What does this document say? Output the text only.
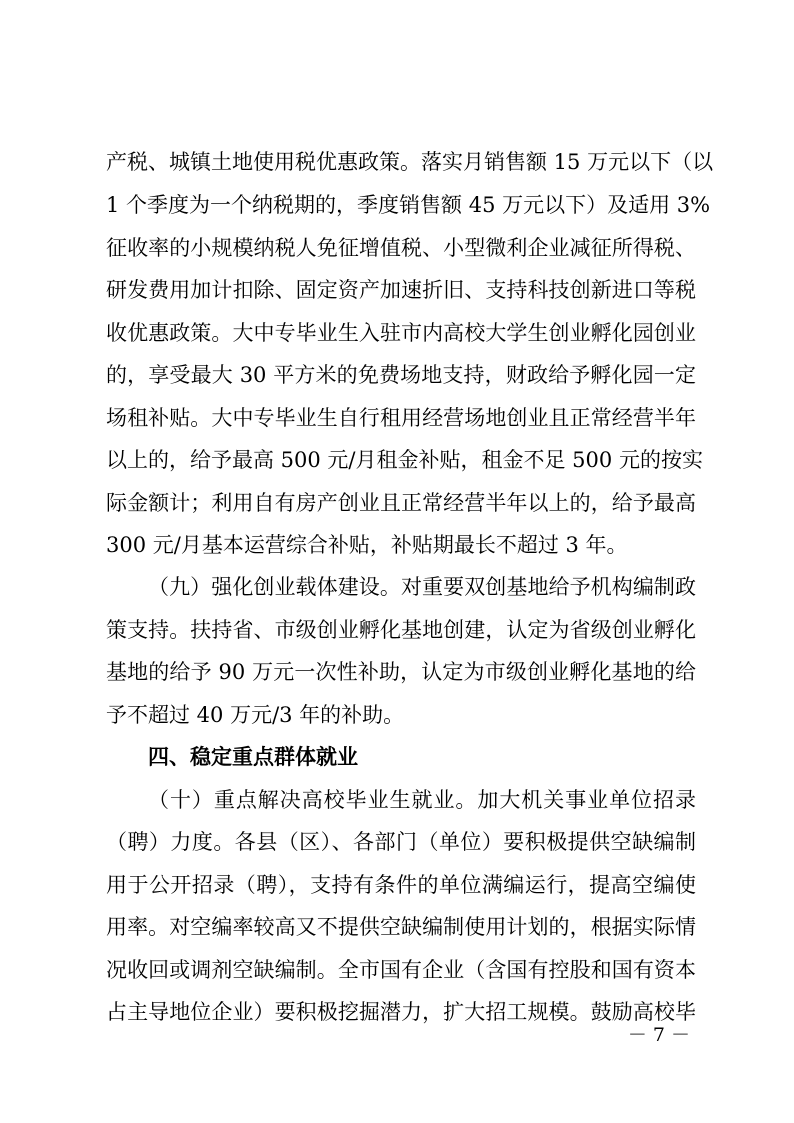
产税、城镇土地使用税优惠政策。落实月销售额 15 万元以下（以
1 个季度为一个纳税期的，季度销售额 45 万元以下）及适用 3%
征收率的小规模纳税人免征增值税、小型微利企业减征所得税、
研发费用加计扣除、固定资产加速折旧、支持科技创新进口等税
收优惠政策。大中专毕业生入驻市内高校大学生创业孵化园创业
的，享受最大 30 平方米的免费场地支持，财政给予孵化园一定
场租补贴。大中专毕业生自行租用经营场地创业且正常经营半年
以上的，给予最高 500 元/月租金补贴，租金不足 500 元的按实
际金额计；利用自有房产创业且正常经营半年以上的，给予最高
300 元/月基本运营综合补贴，补贴期最长不超过 3 年。
（九）强化创业载体建设。对重要双创基地给予机构编制政
策支持。扶持省、市级创业孵化基地创建，认定为省级创业孵化
基地的给予 90 万元一次性补助，认定为市级创业孵化基地的给
予不超过 40 万元/3 年的补助。
四、稳定重点群体就业
（十）重点解决高校毕业生就业。加大机关事业单位招录
（聘）力度。各县（区）、各部门（单位）要积极提供空缺编制
用于公开招录（聘），支持有条件的单位满编运行，提高空编使
用率。对空编率较高又不提供空缺编制使用计划的，根据实际情
况收回或调剂空缺编制。全市国有企业（含国有控股和国有资本
占主导地位企业）要积极挖掘潜力，扩大招工规模。鼓励高校毕
－ 7 －
